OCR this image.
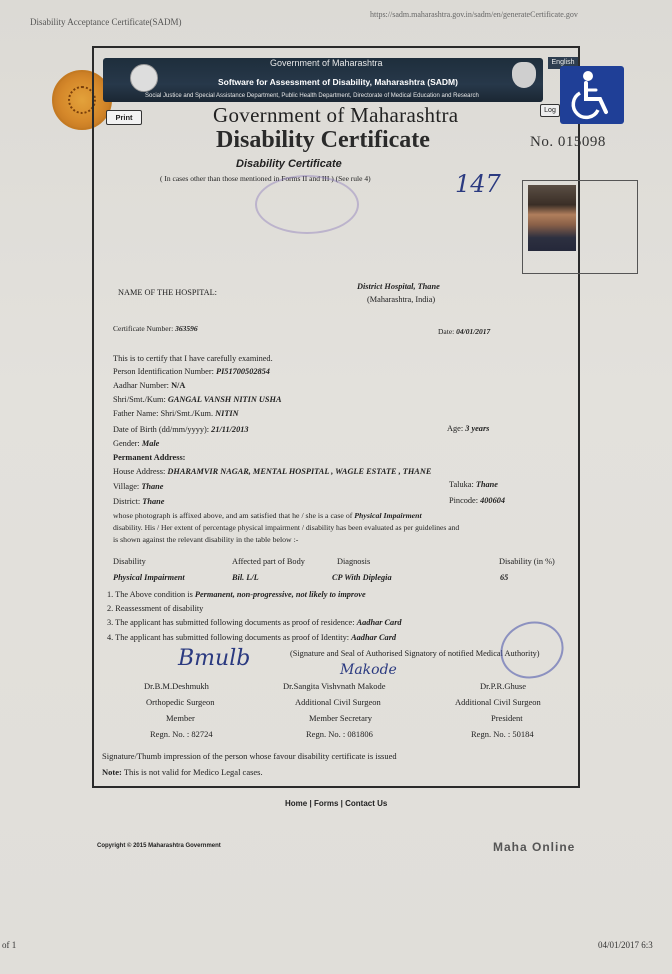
Disability Acceptance Certificate(SADM)
https://sadm.maharashtra.gov.in/sadm/en/generateCertificate.gov
Government of Maharashtra
Software for Assessment of Disability, Maharashtra (SADM)
Social Justice and Special Assistance Department, Public Health Department, Directorate of Medical Education and Research
English
Print
Log
Government of Maharashtra
Disability Certificate	No. 015098
Disability Certificate
( In cases other than those mentioned in Forms II and III ) (See rule 4)	147
NAME OF THE HOSPITAL:
District Hospital, Thane
(Maharashtra, India)
Certificate Number: 363596	Date: 04/01/2017
This is to certify that I have carefully examined.
Person Identification Number: PI51700502854
Aadhar Number: N/A
Shri/Smt./Kum: GANGAL VANSH NITIN USHA
Father Name: Shri/Smt./Kum. NITIN
Date of Birth (dd/mm/yyyy): 21/11/2013	Age: 3 years
Gender: Male
Permanent Address:
House Address: DHARAMVIR NAGAR, MENTAL HOSPITAL , WAGLE ESTATE , THANE
Village: Thane	Taluka: Thane
District: Thane	Pincode: 400604
whose photograph is affixed above, and am satisfied that he / she is a case of Physical Impairment
disability. His / Her extent of percentage physical impairment / disability has been evaluated as per guidelines and
is shown against the relevant disability in the table below :-
Disability	Affected part of Body	Diagnosis	Disability (in %)
Physical Impairment	Bil. L/L	CP With Diplegia	65
1. The Above condition is Permanent, non-progressive, not likely to improve
2. Reassessment of disability
3. The applicant has submitted following documents as proof of residence: Aadhar Card
4. The applicant has submitted following documents as proof of Identity: Aadhar Card
(Signature and Seal of Authorised Signatory of notified Medical Authority)
Bmulb	Makode
Dr.B.M.Deshmukh
Orthopedic Surgeon
Member
Regn. No. : 82724
Dr.Sangita Vishvnath Makode
Additional Civil Surgeon
Member Secretary
Regn. No. : 081806
Dr.P.R.Ghuse
Additional Civil Surgeon
President
Regn. No. : 50184
Signature/Thumb impression of the person whose favour disability certificate is issued
Note: This is not valid for Medico Legal cases.
Home | Forms | Contact Us
Copyright © 2015 Maharashtra Government	Maha Online
of 1	04/01/2017 6:3
